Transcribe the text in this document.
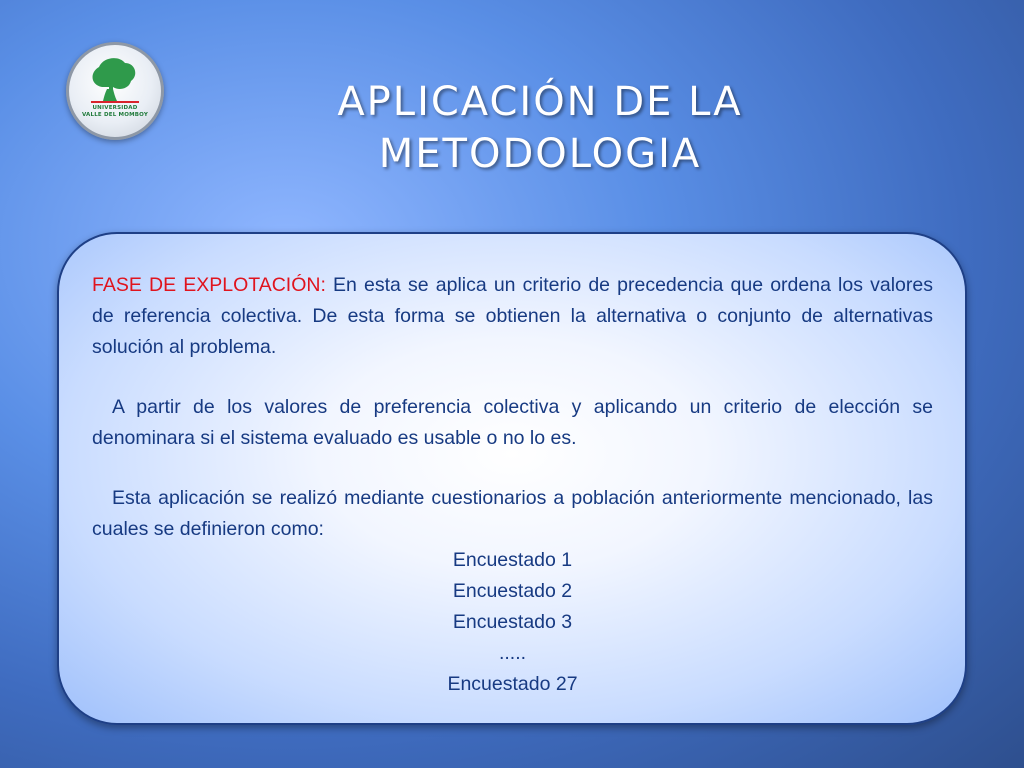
UNIVERSIDAD
VALLE DEL MOMBOY	APLICACIÓN DE LA
METODOLOGIA

FASE DE EXPLOTACIÓN: En esta se aplica un criterio de precedencia que ordena los valores de referencia colectiva. De esta forma se obtienen la alternativa o conjunto de alternativas solución al problema.

A partir de los valores de preferencia colectiva y aplicando un criterio de elección se denominara si el sistema evaluado es usable o no lo es.

Esta aplicación se realizó mediante cuestionarios a población anteriormente mencionado, las cuales se definieron como:

Encuestado 1
Encuestado 2
Encuestado 3
.....
Encuestado 27
